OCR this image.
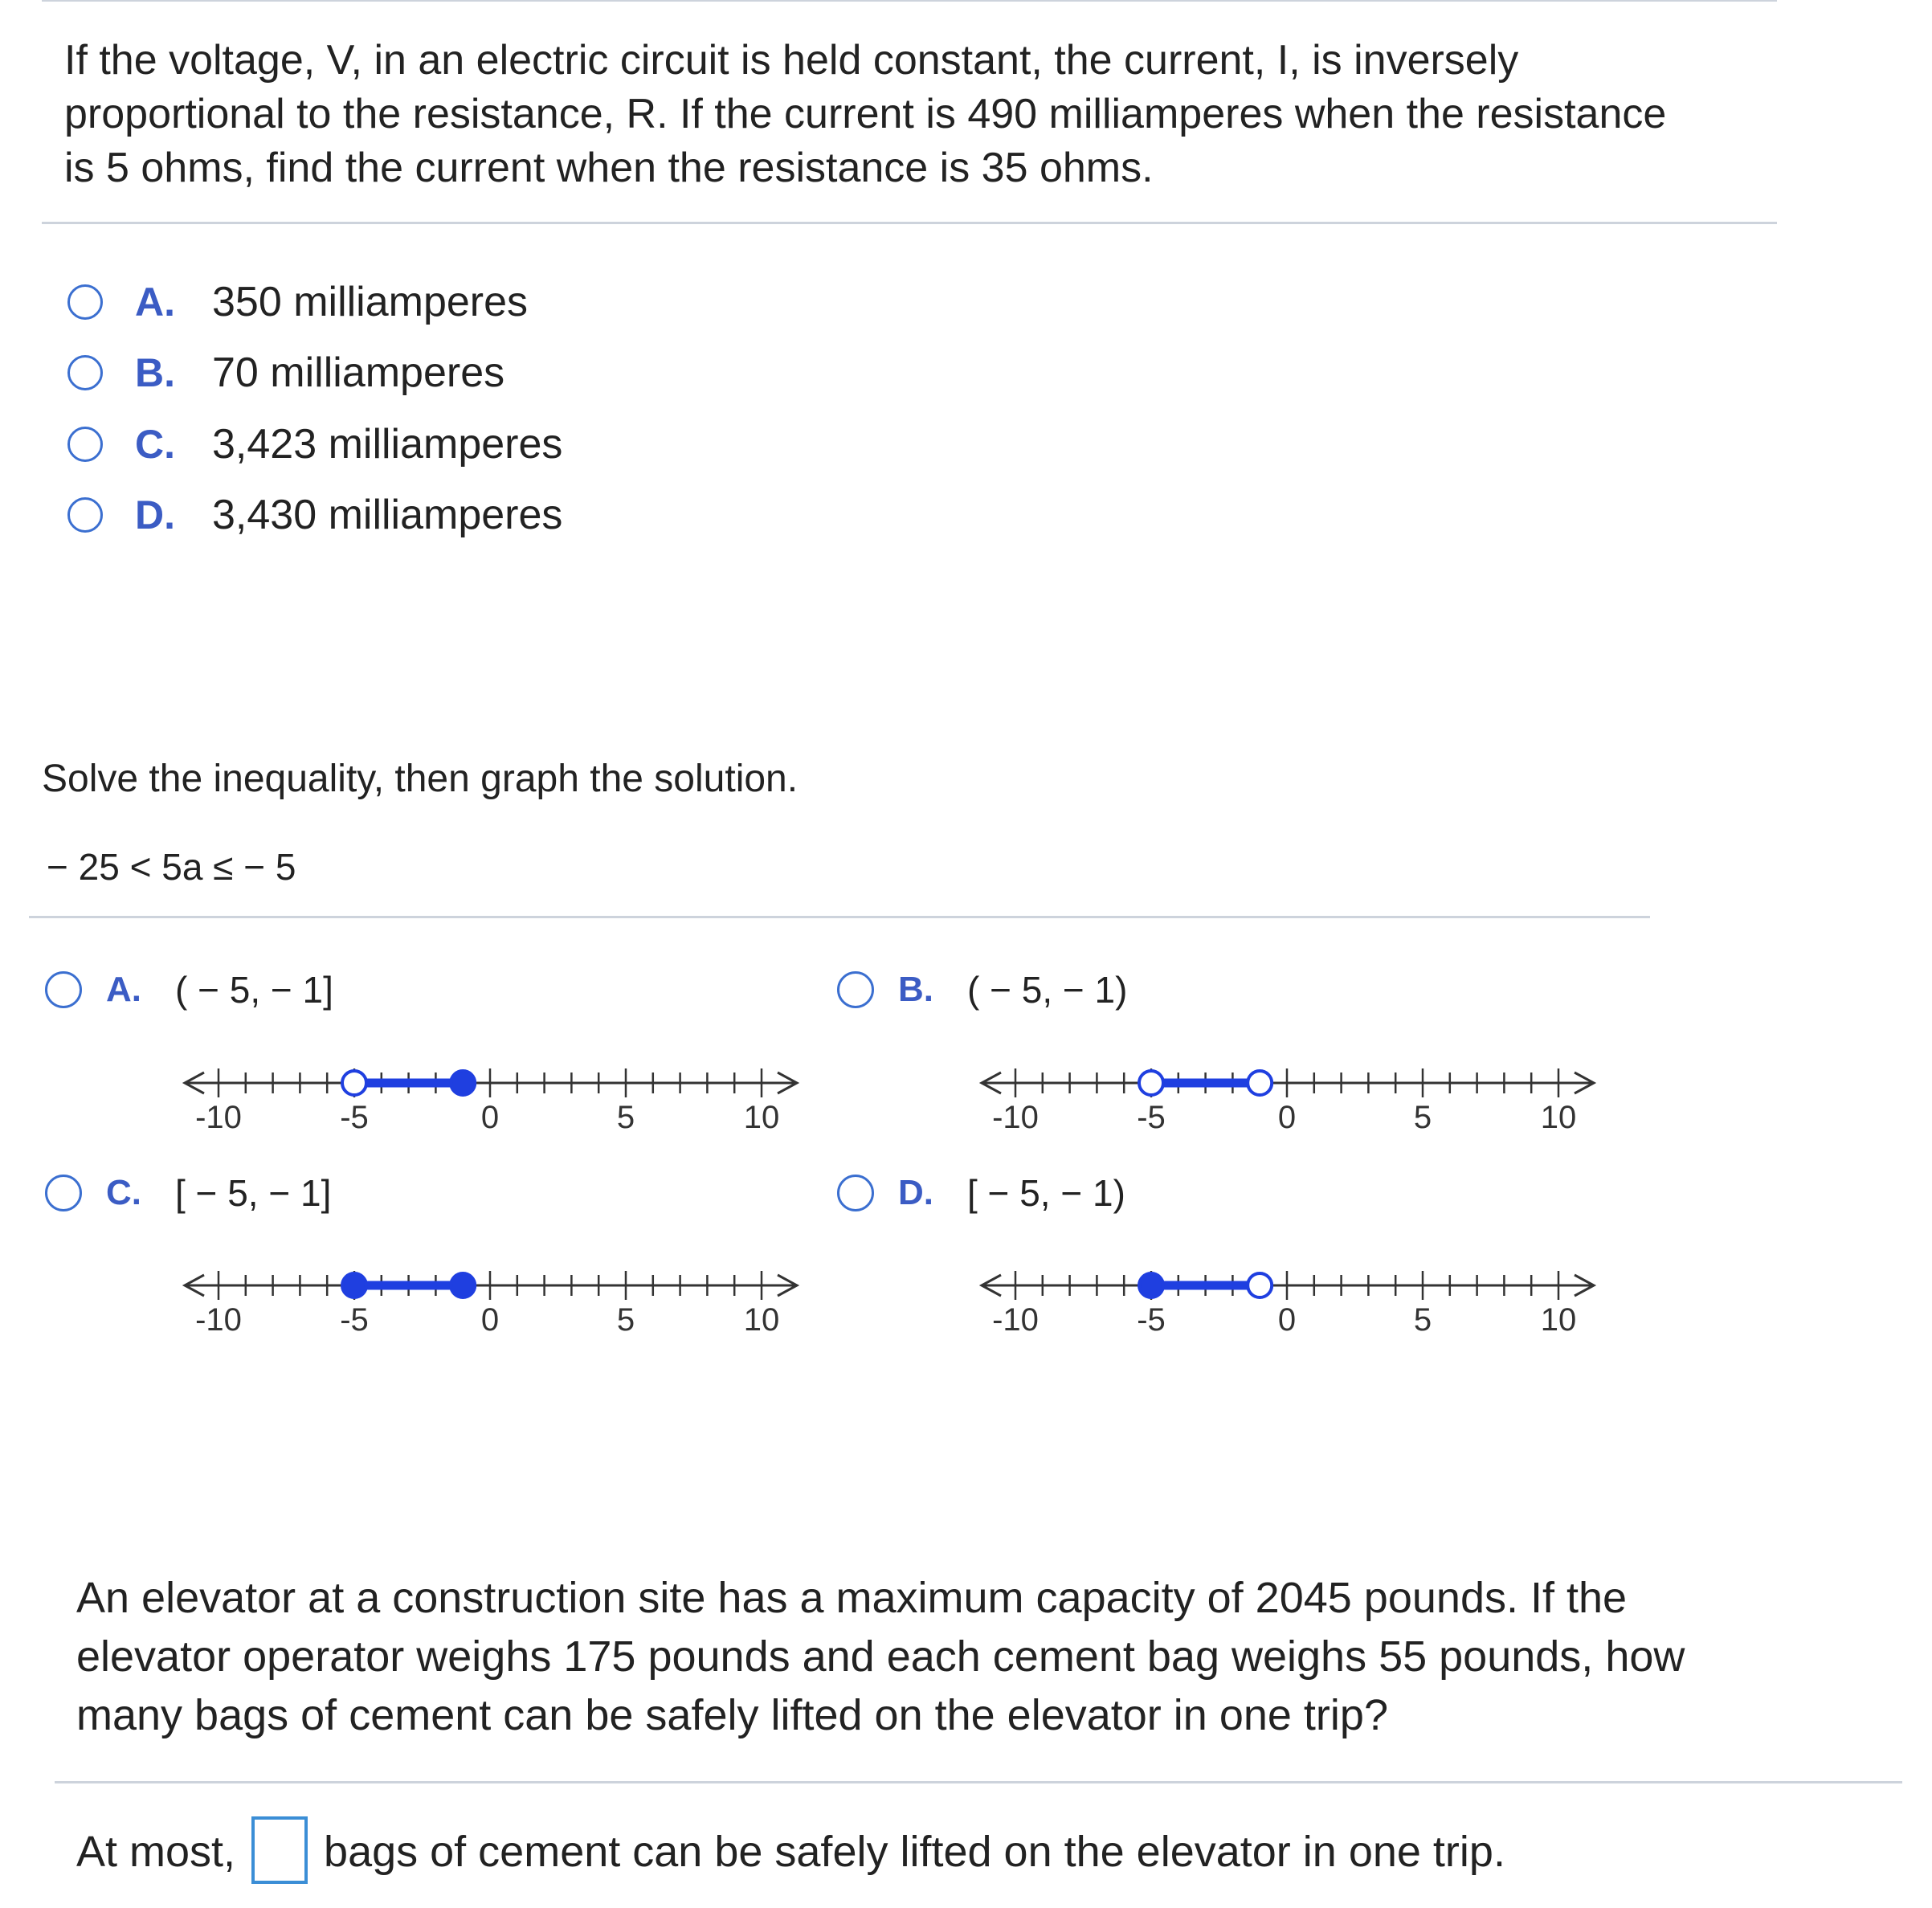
If the voltage, V, in an electric circuit is held constant, the current, I, is inversely
proportional to the resistance, R. If the current is 490 milliamperes when the resistance
is 5 ohms, find the current when the resistance is 35 ohms.
A. 350 milliamperes
B. 70 milliamperes
C. 3,423 milliamperes
D. 3,430 milliamperes
Solve the inequality, then graph the solution.
− 25 < 5a ≤ − 5
A. ( − 5, − 1]
-10	-5	0	5	10
B. ( − 5, − 1)
-10	-5	0	5	10
C. [ − 5, − 1]
-10	-5	0	5	10
D. [ − 5, − 1)
-10	-5	0	5	10
An elevator at a construction site has a maximum capacity of 2045 pounds. If the
elevator operator weighs 175 pounds and each cement bag weighs 55 pounds, how
many bags of cement can be safely lifted on the elevator in one trip?
At most, bags of cement can be safely lifted on the elevator in one trip.
